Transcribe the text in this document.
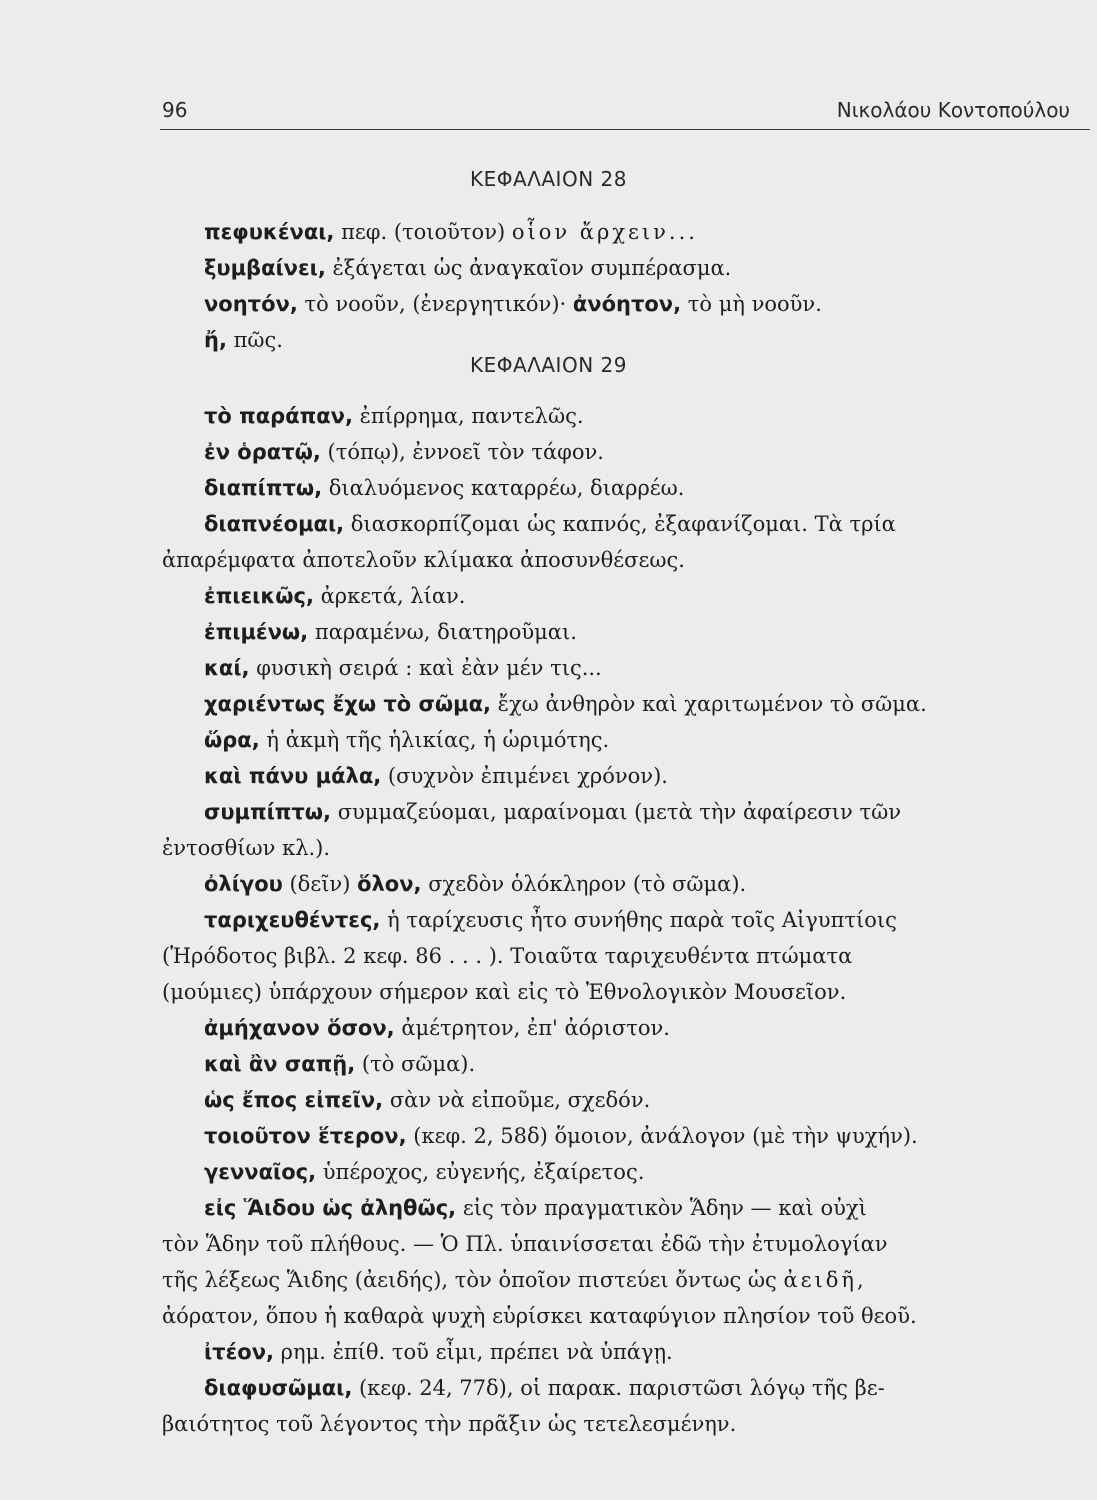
96	Νικολάου Κοντοπούλου
ΚΕΦΑΛΑΙΟΝ 28
πεφυκέναι, πεφ. (τοιοῦτον) οἷον ἄρχειν...
ξυμβαίνει, ἐξάγεται ὡς ἀναγκαῖον συμπέρασμα.
νοητόν, τὸ νοοῦν, (ἐνεργητικόν)· ἀνόητον, τὸ μὴ νοοῦν.
ἤ, πῶς.
ΚΕΦΑΛΑΙΟΝ 29
τὸ παράπαν, ἐπίρρημα, παντελῶς.
ἐν ὁρατῷ, (τόπῳ), ἐννοεῖ τὸν τάφον.
διαπίπτω, διαλυόμενος καταρρέω, διαρρέω.
διαπνέομαι, διασκορπίζομαι ὡς καπνός, ἐξαφανίζομαι. Τὰ τρία
ἀπαρέμφατα ἀποτελοῦν κλίμακα ἀποσυνθέσεως.
ἐπιεικῶς, ἀρκετά, λίαν.
ἐπιμένω, παραμένω, διατηροῦμαι.
καί, φυσικὴ σειρά : καὶ ἐὰν μέν τις...
χαριέντως ἔχω τὸ σῶμα, ἔχω ἀνθηρὸν καὶ χαριτωμένον τὸ σῶμα.
ὥρα, ἡ ἀκμὴ τῆς ἡλικίας, ἡ ὡριμότης.
καὶ πάνυ μάλα, (συχνὸν ἐπιμένει χρόνον).
συμπίπτω, συμμαζεύομαι, μαραίνομαι (μετὰ τὴν ἀφαίρεσιν τῶν
ἐντοσθίων κλ.).
ὀλίγου (δεῖν) ὅλον, σχεδὸν ὁλόκληρον (τὸ σῶμα).
ταριχευθέντες, ἡ ταρίχευσις ἦτο συνήθης παρὰ τοῖς Αἰγυπτίοις
(Ἡρόδοτος βιβλ. 2 κεφ. 86 . . . ). Τοιαῦτα ταριχευθέντα πτώματα
(μούμιες) ὑπάρχουν σήμερον καὶ εἰς τὸ Ἐθνολογικὸν Μουσεῖον.
ἀμήχανον ὅσον, ἀμέτρητον, ἐπ' ἀόριστον.
καὶ ἂν σαπῇ, (τὸ σῶμα).
ὡς ἔπος εἰπεῖν, σὰν νὰ εἰποῦμε, σχεδόν.
τοιοῦτον ἕτερον, (κεφ. 2, 58δ) ὅμοιον, ἀνάλογον (μὲ τὴν ψυχήν).
γενναῖος, ὑπέροχος, εὐγενής, ἐξαίρετος.
εἰς Ἅιδου ὡς ἀληθῶς, εἰς τὸν πραγματικὸν Ἅδην — καὶ οὐχὶ
τὸν Ἅδην τοῦ πλήθους. — Ὁ Πλ. ὑπαινίσσεται ἐδῶ τὴν ἐτυμολογίαν
τῆς λέξεως Ἅιδης (ἀειδής), τὸν ὁποῖον πιστεύει ὄντως ὡς ἀειδῆ,
ἀόρατον, ὅπου ἡ καθαρὰ ψυχὴ εὑρίσκει καταφύγιον πλησίον τοῦ θεοῦ.
ἰτέον, ρημ. ἐπίθ. τοῦ εἶμι, πρέπει νὰ ὑπάγῃ.
διαφυσῶμαι, (κεφ. 24, 77δ), οἱ παρακ. παριστῶσι λόγῳ τῆς βε-
βαιότητος τοῦ λέγοντος τὴν πρᾶξιν ὡς τετελεσμένην.
